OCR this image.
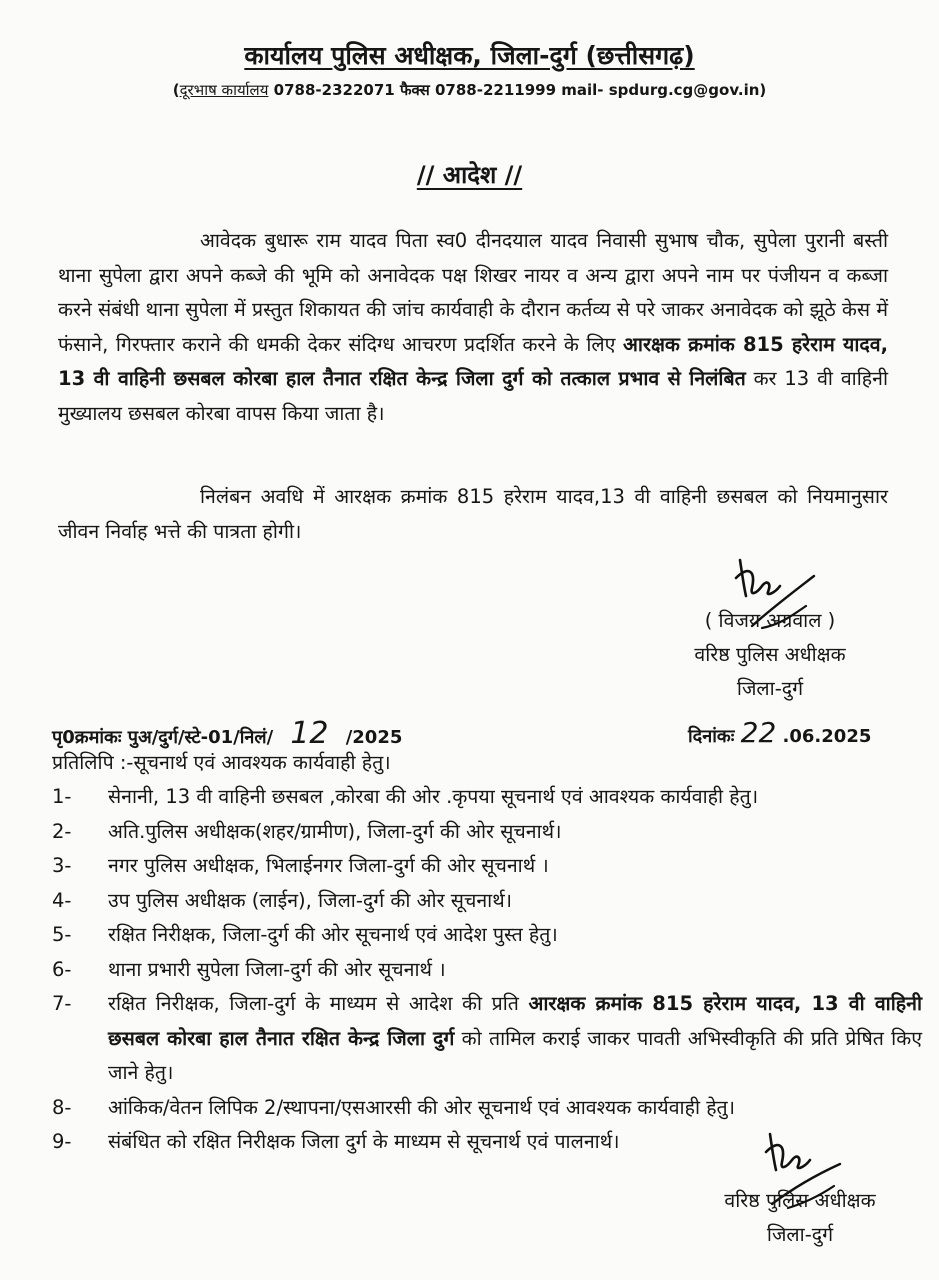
कार्यालय पुलिस अधीक्षक, जिला-दुर्ग (छत्तीसगढ़)
(दूरभाष कार्यालय 0788-2322071 फैक्स 0788-2211999 mail- spdurg.cg@gov.in)
// आदेश //
आवेदक बुधारू राम यादव पिता स्व0 दीनदयाल यादव निवासी सुभाष चौक, सुपेला पुरानी बस्ती थाना सुपेला द्वारा अपने कब्जे की भूमि को अनावेदक पक्ष शिखर नायर व अन्य द्वारा अपने नाम पर पंजीयन व कब्जा करने संबंधी थाना सुपेला में प्रस्तुत शिकायत की जांच कार्यवाही के दौरान कर्तव्य से परे जाकर अनावेदक को झूठे केस में फंसाने, गिरफ्तार कराने की धमकी देकर संदिग्ध आचरण प्रदर्शित करने के लिए आरक्षक क्रमांक 815 हरेराम यादव, 13 वी वाहिनी छसबल कोरबा हाल तैनात रक्षित केन्द्र जिला दुर्ग को तत्काल प्रभाव से निलंबित कर 13 वी वाहिनी मुख्यालय छसबल कोरबा वापस किया जाता है।
निलंबन अवधि में आरक्षक क्रमांक 815 हरेराम यादव,13 वी वाहिनी छसबल को नियमानुसार जीवन निर्वाह भत्ते की पात्रता होगी।
( विजय अग्रवाल )
वरिष्ठ पुलिस अधीक्षक
जिला-दुर्ग
पृ0क्रमांकः पुअ/दुर्ग/स्टे-01/निलं/ 12 /2025	दिनांकः 22 .06.2025
प्रतिलिपि :-सूचनार्थ एवं आवश्यक कार्यवाही हेतु।
1- सेनानी, 13 वी वाहिनी छसबल ,कोरबा की ओर .कृपया सूचनार्थ एवं आवश्यक कार्यवाही हेतु।
2- अति.पुलिस अधीक्षक(शहर/ग्रामीण), जिला-दुर्ग की ओर सूचनार्थ।
3- नगर पुलिस अधीक्षक, भिलाईनगर जिला-दुर्ग की ओर सूचनार्थ ।
4- उप पुलिस अधीक्षक (लाईन), जिला-दुर्ग की ओर सूचनार्थ।
5- रक्षित निरीक्षक, जिला-दुर्ग की ओर सूचनार्थ एवं आदेश पुस्त हेतु।
6- थाना प्रभारी सुपेला जिला-दुर्ग की ओर सूचनार्थ ।
7- रक्षित निरीक्षक, जिला-दुर्ग के माध्यम से आदेश की प्रति आरक्षक क्रमांक 815 हरेराम यादव, 13 वी वाहिनी छसबल कोरबा हाल तैनात रक्षित केन्द्र जिला दुर्ग को तामिल कराई जाकर पावती अभिस्वीकृति की प्रति प्रेषित किए जाने हेतु।
8- आंकिक/वेतन लिपिक 2/स्थापना/एसआरसी की ओर सूचनार्थ एवं आवश्यक कार्यवाही हेतु।
9- संबंधित को रक्षित निरीक्षक जिला दुर्ग के माध्यम से सूचनार्थ एवं पालनार्थ।
वरिष्ठ पुलिस अधीक्षक
जिला-दुर्ग
